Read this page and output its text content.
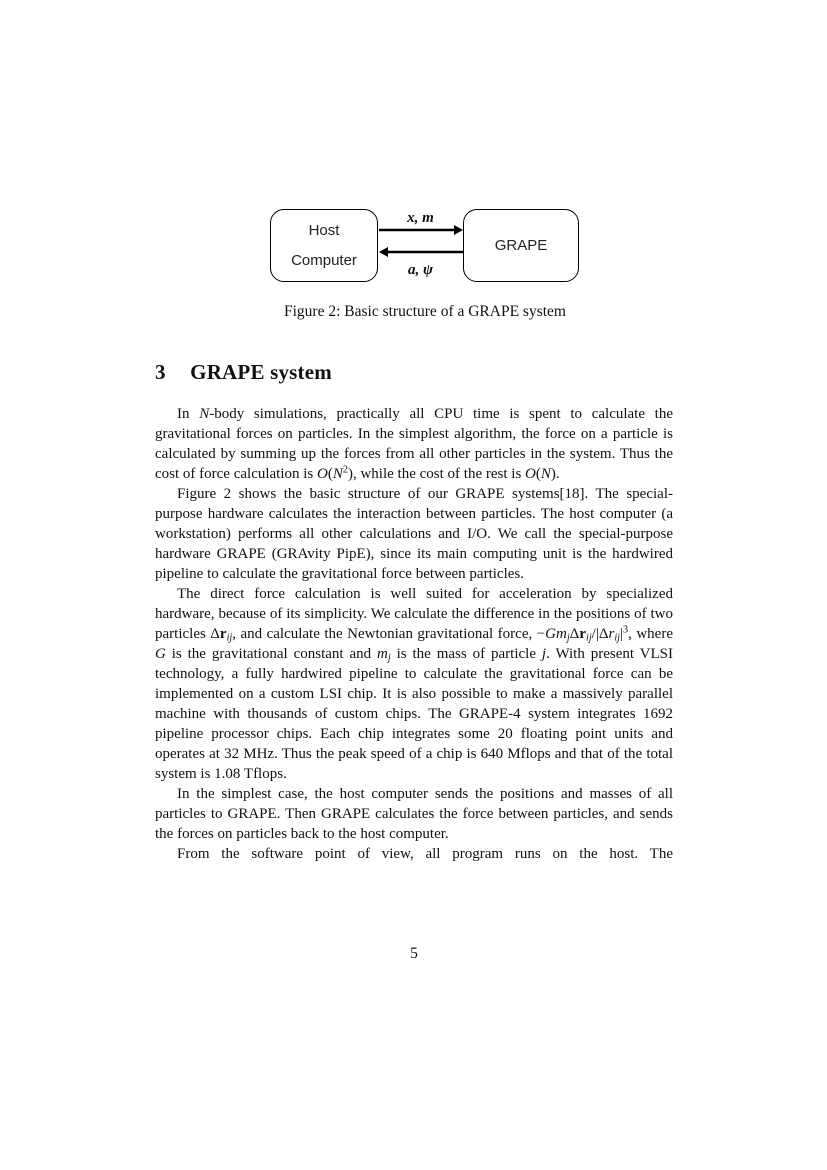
Host
Computer
GRAPE
x, m
a, ψ
Figure 2: Basic structure of a GRAPE system
3 GRAPE system

In N-body simulations, practically all CPU time is spent to calculate the gravitational forces on particles. In the simplest algorithm, the force on a particle is calculated by summing up the forces from all other particles in the system. Thus the cost of force calculation is $O(N^2)$, while the cost of the rest is O(N).

Figure 2 shows the basic structure of our GRAPE systems[18]. The special-purpose hardware calculates the interaction between particles. The host computer (a workstation) performs all other calculations and I/O. We call the special-purpose hardware GRAPE (GRAvity PipE), since its main computing unit is the hardwired pipeline to calculate the gravitational force between particles.

The direct force calculation is well suited for acceleration by specialized hardware, because of its simplicity. We calculate the difference in the positions of two particles $\Delta r_{ij}$, and calculate the Newtonian gravitational force, $-Gm_j\Delta r_{ij}/|\Delta r_{ij}|^3$, where G is the gravitational constant and $m_j$ is the mass of particle j. With present VLSI technology, a fully hardwired pipeline to calculate the gravitational force can be implemented on a custom LSI chip. It is also possible to make a massively parallel machine with thousands of custom chips. The GRAPE-4 system integrates 1692 pipeline processor chips. Each chip integrates some 20 floating point units and operates at 32 MHz. Thus the peak speed of a chip is 640 Mflops and that of the total system is 1.08 Tflops.

In the simplest case, the host computer sends the positions and masses of all particles to GRAPE. Then GRAPE calculates the force between particles, and sends the forces on particles back to the host computer.

From the software point of view, all program runs on the host. The

5
